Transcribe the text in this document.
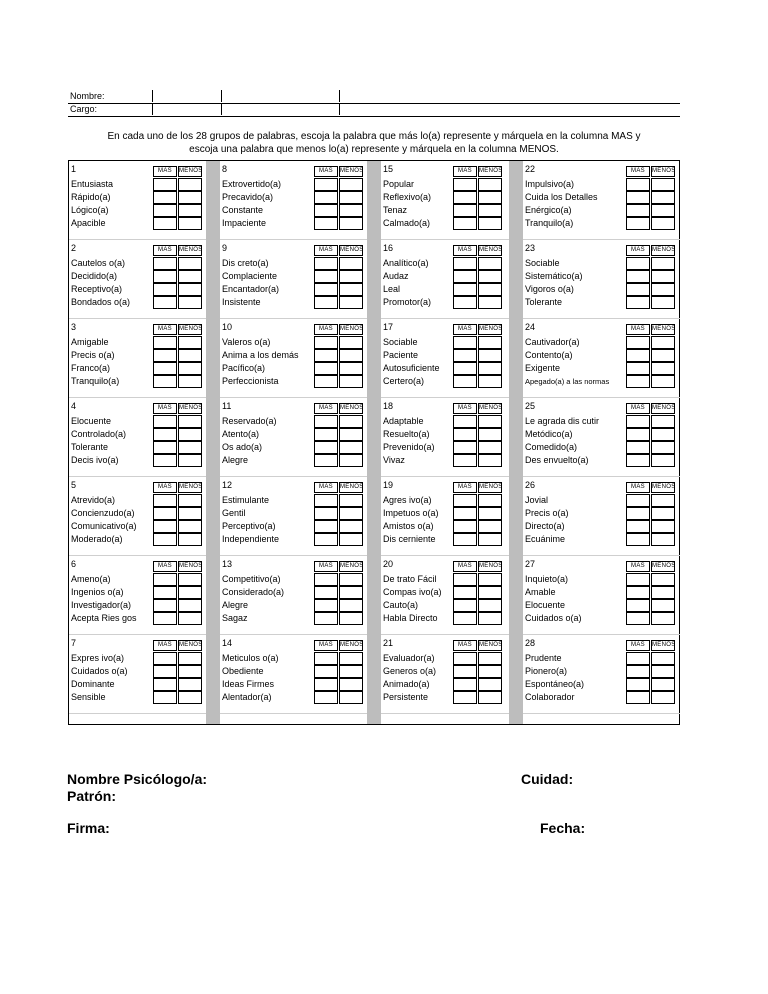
Nombre:
Cargo:
En cada uno de los 28 grupos de palabras, escoja la palabra que más lo(a) represente y márquela en la columna MAS y
escoja una palabra que menos lo(a) represente y márquela en la columna MENOS.
1	MAS	MENOS
Entusiasta
Rápido(a)
Lógico(a)
Apacible
2	MAS	MENOS
Cautelos o(a)
Decidido(a)
Receptivo(a)
Bondados o(a)
3	MAS	MENOS
Amigable
Precis o(a)
Franco(a)
Tranquilo(a)
4	MAS	MENOS
Elocuente
Controlado(a)
Tolerante
Decis ivo(a)
5	MAS	MENOS
Atrevido(a)
Concienzudo(a)
Comunicativo(a)
Moderado(a)
6	MAS	MENOS
Ameno(a)
Ingenios o(a)
Investigador(a)
Acepta Ries gos
7	MAS	MENOS
Expres ivo(a)
Cuidados o(a)
Dominante
Sensible
8	MAS	MENOS
Extrovertido(a)
Precavido(a)
Constante
Impaciente
9	MAS	MENOS
Dis creto(a)
Complaciente
Encantador(a)
Insistente
10	MAS	MENOS
Valeros o(a)
Anima a los demás
Pacífico(a)
Perfeccionista
11	MAS	MENOS
Reservado(a)
Atento(a)
Os ado(a)
Alegre
12	MAS	MENOS
Estimulante
Gentil
Perceptivo(a)
Independiente
13	MAS	MENOS
Competitivo(a)
Considerado(a)
Alegre
Sagaz
14	MAS	MENOS
Meticulos o(a)
Obediente
Ideas Firmes
Alentador(a)
15	MAS	MENOS
Popular
Reflexivo(a)
Tenaz
Calmado(a)
16	MAS	MENOS
Analítico(a)
Audaz
Leal
Promotor(a)
17	MAS	MENOS
Sociable
Paciente
Autosuficiente
Certero(a)
18	MAS	MENOS
Adaptable
Resuelto(a)
Prevenido(a)
Vivaz
19	MAS	MENOS
Agres ivo(a)
Impetuos o(a)
Amistos o(a)
Dis cerniente
20	MAS	MENOS
De trato Fácil
Compas ivo(a)
Cauto(a)
Habla Directo
21	MAS	MENOS
Evaluador(a)
Generos o(a)
Animado(a)
Persistente
22	MAS	MENOS
Impulsivo(a)
Cuida los Detalles
Enérgico(a)
Tranquilo(a)
23	MAS	MENOS
Sociable
Sistemático(a)
Vigoros o(a)
Tolerante
24	MAS	MENOS
Cautivador(a)
Contento(a)
Exigente
Apegado(a) a las normas
25	MAS	MENOS
Le agrada dis cutir
Metódico(a)
Comedido(a)
Des envuelto(a)
26	MAS	MENOS
Jovial
Precis o(a)
Directo(a)
Ecuánime
27	MAS	MENOS
Inquieto(a)
Amable
Elocuente
Cuidados o(a)
28	MAS	MENOS
Prudente
Pionero(a)
Espontáneo(a)
Colaborador
Nombre Psicólogo/a:
Patrón:
Cuidad:
Firma:	Fecha:
